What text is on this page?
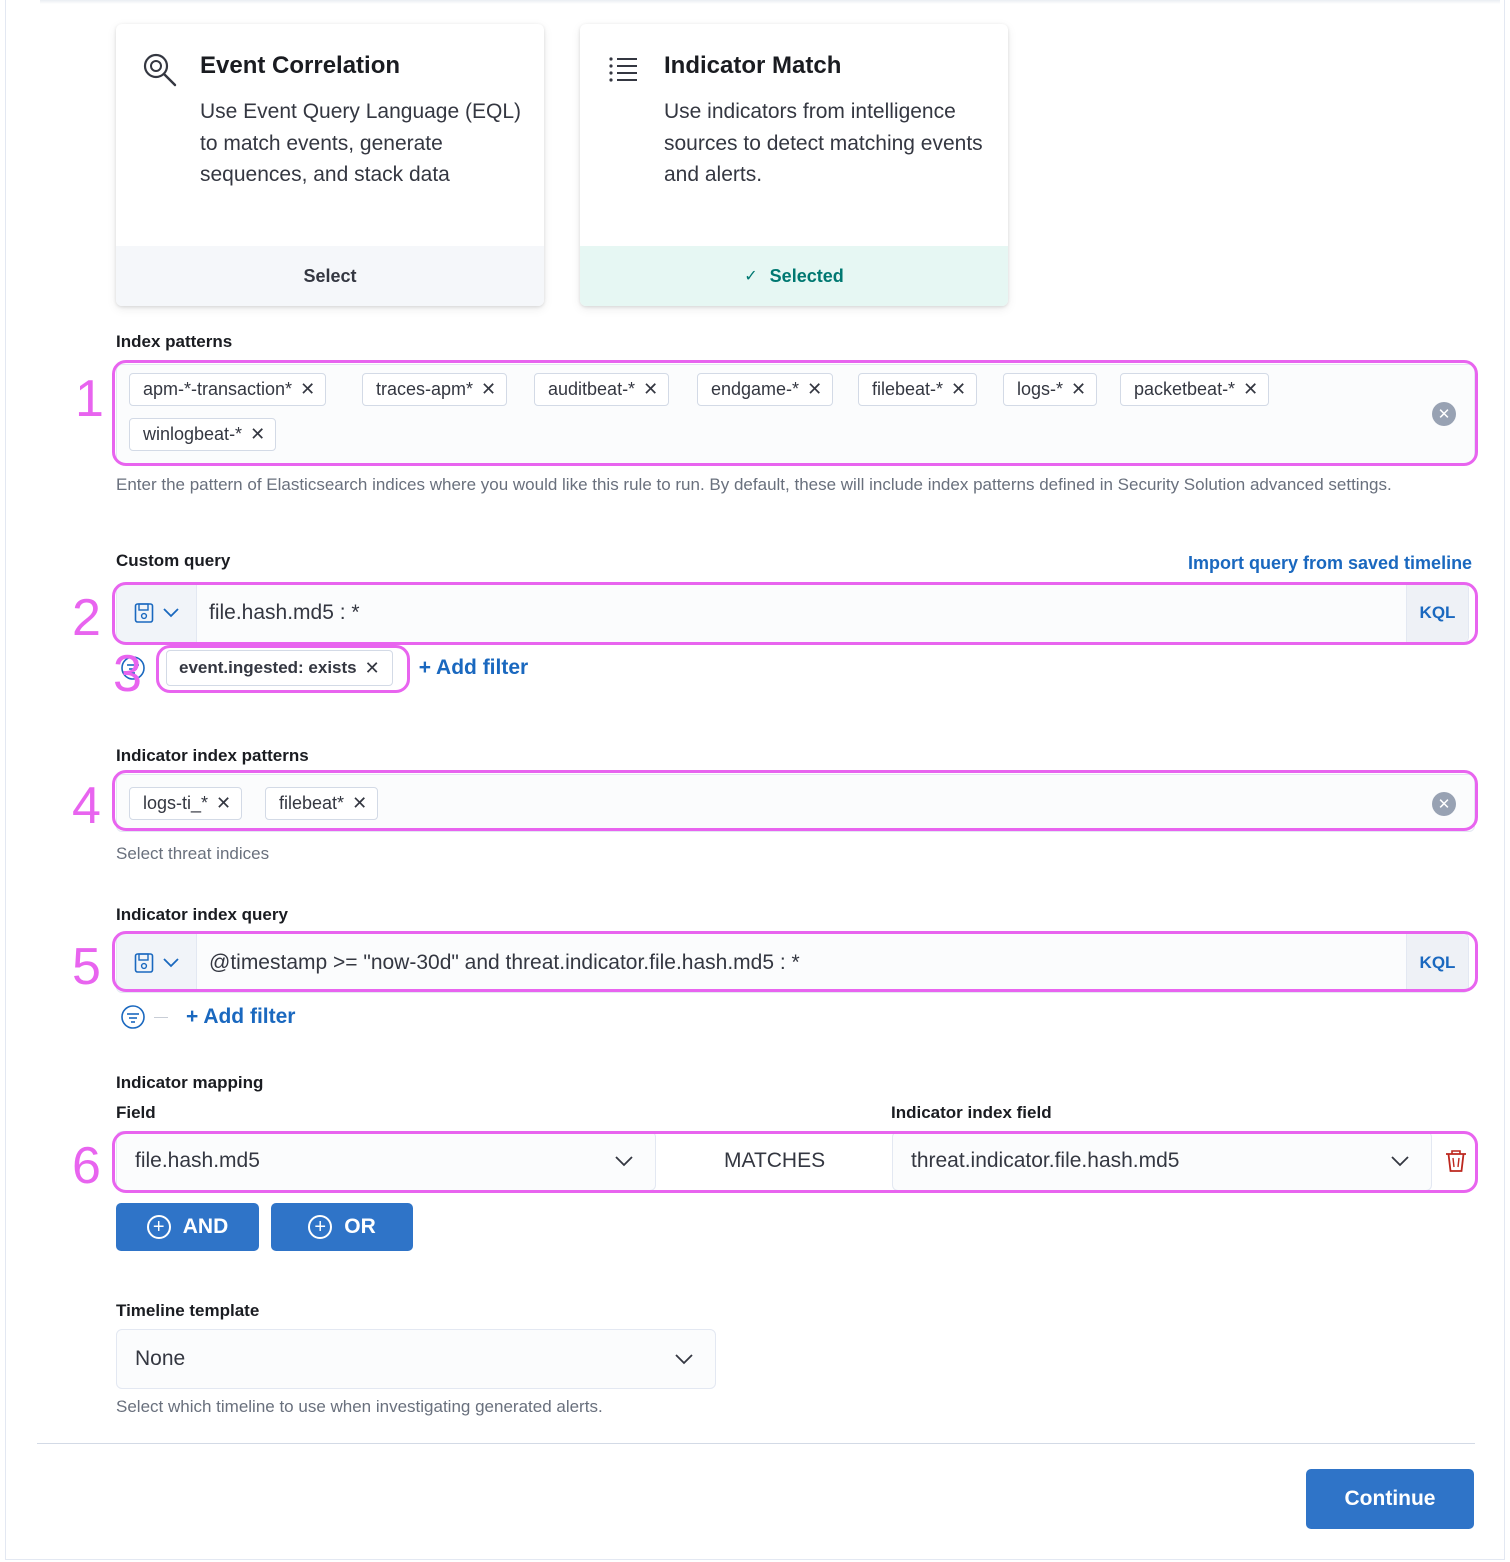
Event Correlation
Use Event Query Language (EQL) to match events, generate sequences, and stack data
Select
Indicator Match
Use indicators from intelligence sources to detect matching events and alerts.
✓ Selected
Index patterns
apm-*-transaction* ✕	traces-apm* ✕	auditbeat-* ✕	endgame-* ✕	filebeat-* ✕	logs-* ✕	packetbeat-* ✕
winlogbeat-* ✕
✕
Enter the pattern of Elasticsearch indices where you would like this rule to run. By default, these will include index patterns defined in Security Solution advanced settings.
Custom query	Import query from saved timeline
file.hash.md5 : *	KQL
event.ingested: exists ✕ + Add filter
Indicator index patterns
logs-ti_* ✕	filebeat* ✕	✕
Select threat indices
Indicator index query
@timestamp >= "now-30d" and threat.indicator.file.hash.md5 : *	KQL
+ Add filter
Indicator mapping
Field	Indicator index field
file.hash.md5	MATCHES	threat.indicator.file.hash.md5
+ AND	+ OR
Timeline template
None
Select which timeline to use when investigating generated alerts.
Continue
1
2
3
4
5
6
